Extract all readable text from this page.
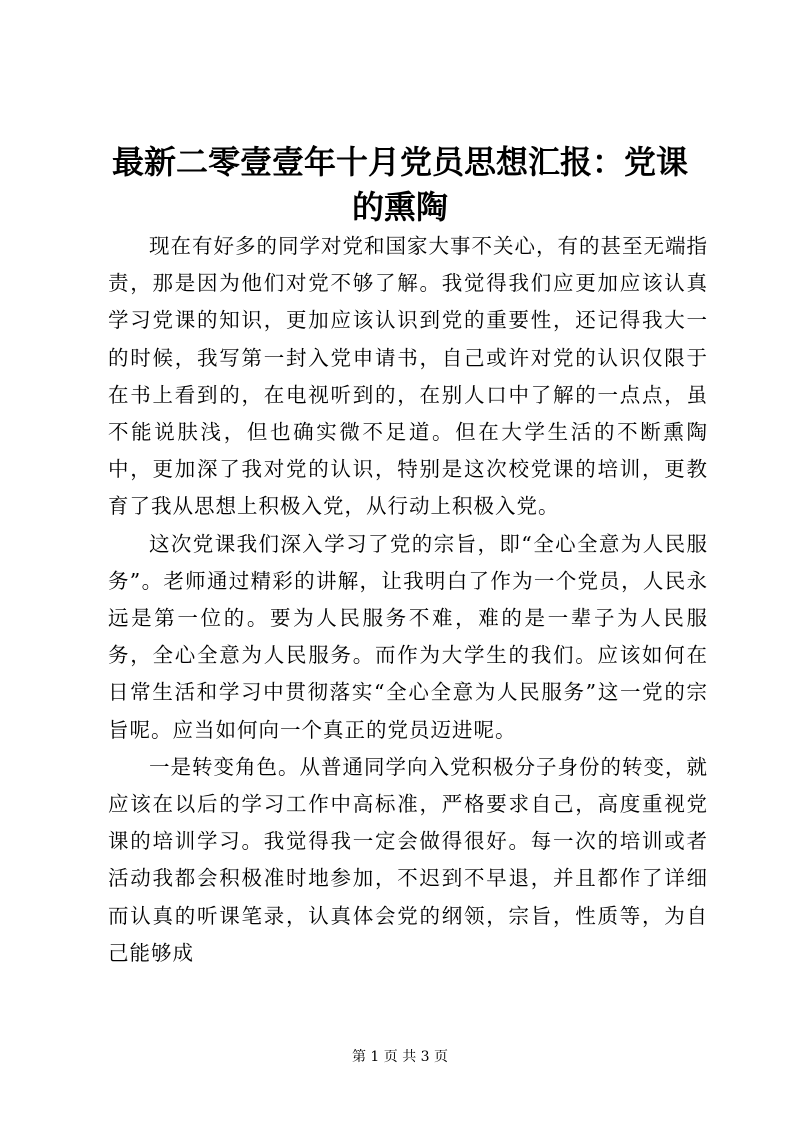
最新二零壹壹年十月党员思想汇报：党课的熏陶

现在有好多的同学对党和国家大事不关心，有的甚至无端指责，那是因为他们对党不够了解。我觉得我们应更加应该认真学习党课的知识，更加应该认识到党的重要性，还记得我大一的时候，我写第一封入党申请书，自己或许对党的认识仅限于在书上看到的，在电视听到的，在别人口中了解的一点点，虽不能说肤浅，但也确实微不足道。但在大学生活的不断熏陶中，更加深了我对党的认识，特别是这次校党课的培训，更教育了我从思想上积极入党，从行动上积极入党。

这次党课我们深入学习了党的宗旨，即“全心全意为人民服务”。老师通过精彩的讲解，让我明白了作为一个党员，人民永远是第一位的。要为人民服务不难，难的是一辈子为人民服务，全心全意为人民服务。而作为大学生的我们。应该如何在日常生活和学习中贯彻落实“全心全意为人民服务”这一党的宗旨呢。应当如何向一个真正的党员迈进呢。

一是转变角色。从普通同学向入党积极分子身份的转变，就应该在以后的学习工作中高标准，严格要求自己，高度重视党课的培训学习。我觉得我一定会做得很好。每一次的培训或者活动我都会积极准时地参加，不迟到不早退，并且都作了详细而认真的听课笔录，认真体会党的纲领，宗旨，性质等，为自己能够成

第 1 页 共 3 页
